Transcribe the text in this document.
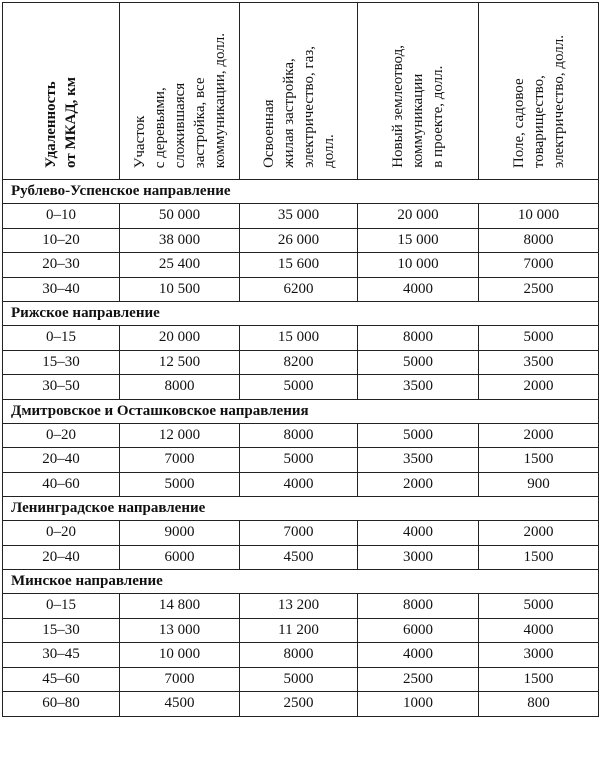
Удаленность
от МКАД, км	Участок
с деревьями,
сложившаяся
застройка, все
коммуникации, долл.	Освоенная
жилая застройка,
электричество, газ,
долл.	Новый землеотвод,
коммуникации
в проекте, долл.	Поле, садовое
товарищество,
электричество, долл.
Рублево-Успенское направление				
0–10	50 000	35 000	20 000	10 000
10–20	38 000	26 000	15 000	8000
20–30	25 400	15 600	10 000	7000
30–40	10 500	6200	4000	2500
Рижское направление				
0–15	20 000	15 000	8000	5000
15–30	12 500	8200	5000	3500
30–50	8000	5000	3500	2000
Дмитровское и Осташковское направления				
0–20	12 000	8000	5000	2000
20–40	7000	5000	3500	1500
40–60	5000	4000	2000	900
Ленинградское направление				
0–20	9000	7000	4000	2000
20–40	6000	4500	3000	1500
Минское направление				
0–15	14 800	13 200	8000	5000
15–30	13 000	11 200	6000	4000
30–45	10 000	8000	4000	3000
45–60	7000	5000	2500	1500
60–80	4500	2500	1000	800
